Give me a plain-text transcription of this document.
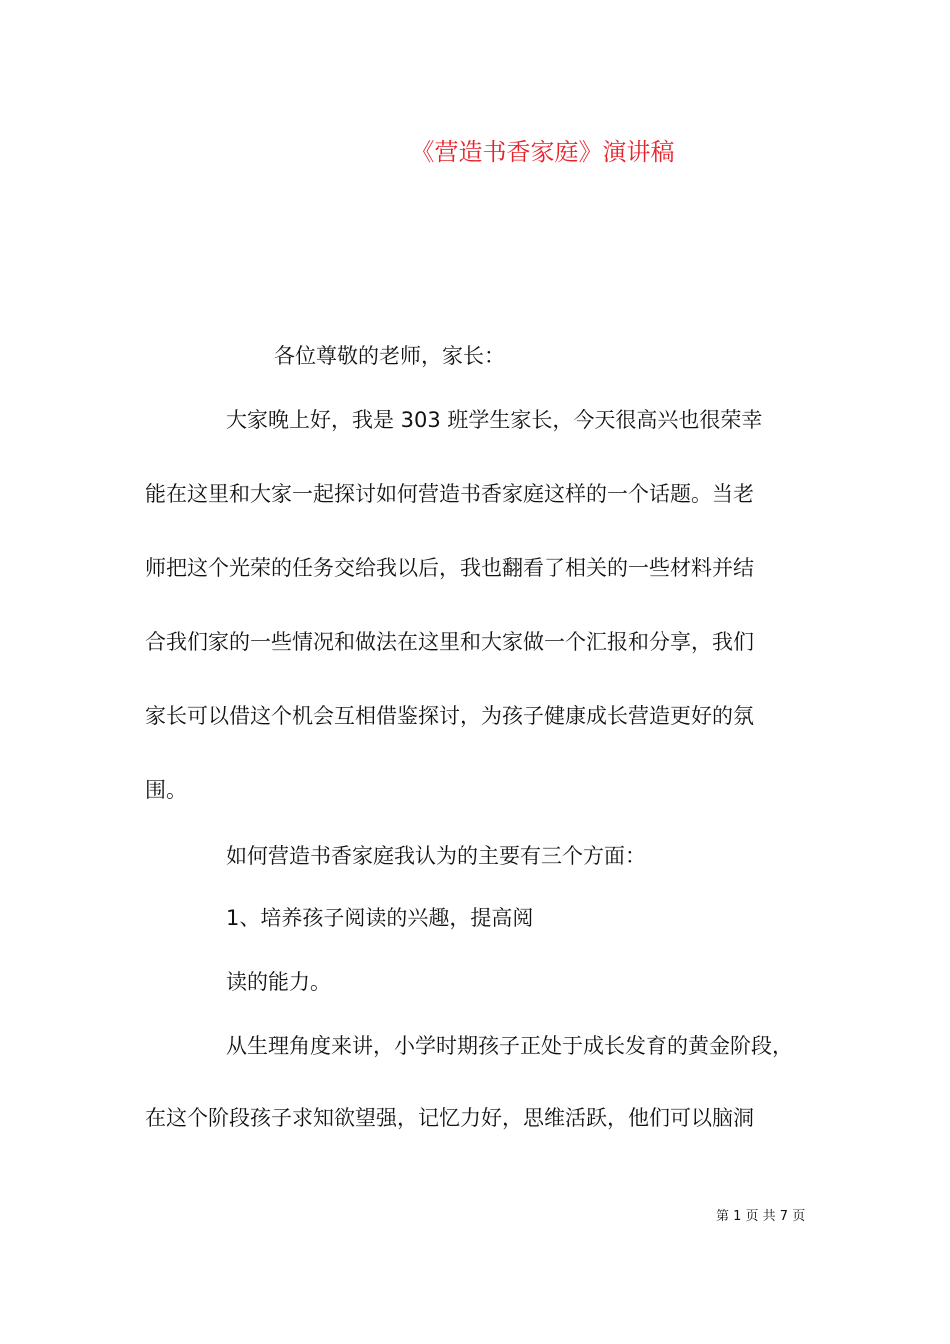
《营造书香家庭》演讲稿
各位尊敬的老师，家长：
大家晚上好，我是 303 班学生家长，今天很高兴也很荣幸
能在这里和大家一起探讨如何营造书香家庭这样的一个话题。当老
师把这个光荣的任务交给我以后，我也翻看了相关的一些材料并结
合我们家的一些情况和做法在这里和大家做一个汇报和分享，我们
家长可以借这个机会互相借鉴探讨，为孩子健康成长营造更好的氛
围。
如何营造书香家庭我认为的主要有三个方面：
1、培养孩子阅读的兴趣，提高阅
读的能力。
从生理角度来讲，小学时期孩子正处于成长发育的黄金阶段，
在这个阶段孩子求知欲望强，记忆力好，思维活跃，他们可以脑洞
第 1 页 共 7 页
